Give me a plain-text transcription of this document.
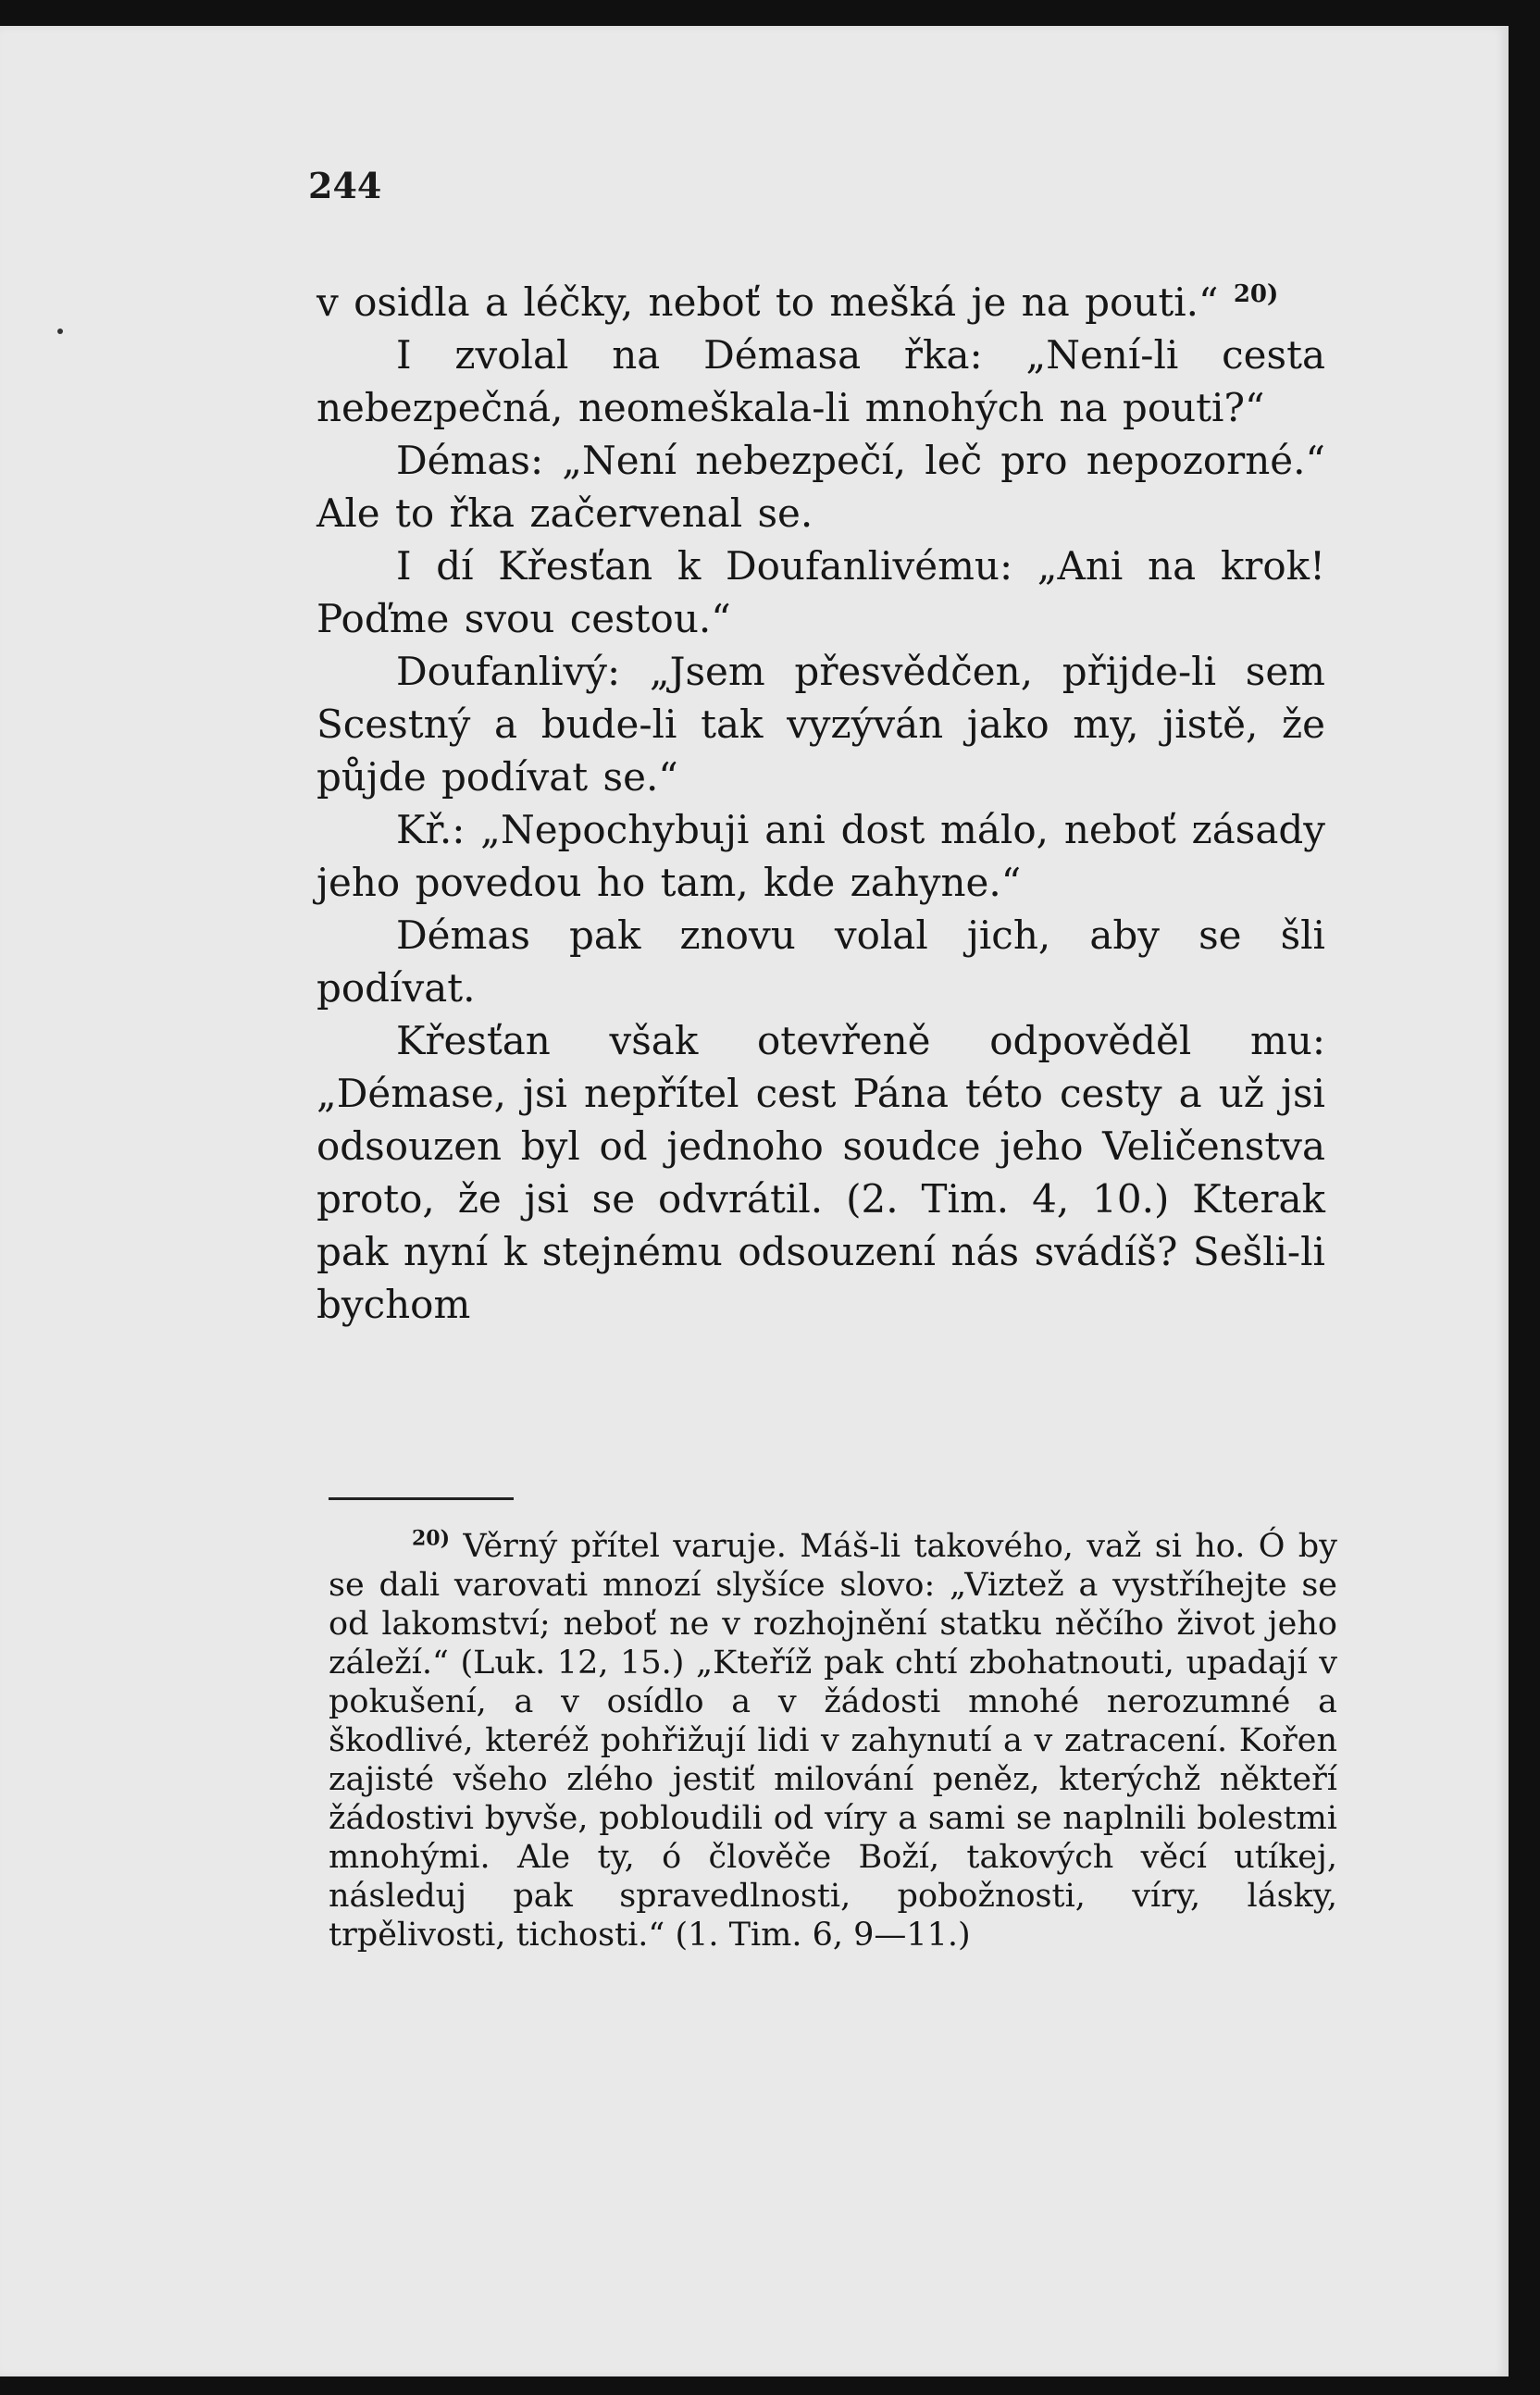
244

v osidla a léčky, neboť to mešká je na pouti.“ $^{20)}$

I zvolal na Démasa řka: „Není-li cesta nebezpečná, neomeškala-li mnohých na pouti?“

Démas: „Není nebezpečí, leč pro nepozorné.“ Ale to řka začervenal se.

I dí Křesťan k Doufanlivému: „Ani na krok! Poďme svou cestou.“

Doufanlivý: „Jsem přesvědčen, přijde-li sem Scestný a bude-li tak vyzýván jako my, jistě, že půjde podívat se.“

Kř.: „Nepochybuji ani dost málo, neboť zásady jeho povedou ho tam, kde zahyne.“

Démas pak znovu volal jich, aby se šli podívat.

Křesťan však otevřeně odpověděl mu: „Démase, jsi nepřítel cest Pána této cesty a už jsi odsouzen byl od jednoho soudce jeho Veličenstva proto, že jsi se odvrátil. (2. Tim. 4, 10.) Kterak pak nyní k stejnému odsouzení nás svádíš? Sešli-li bychom

$^{20)}$ Věrný přítel varuje. Máš-li takového, važ si ho. Ó by se dali varovati mnozí slyšíce slovo: „Viztež a vystříhejte se od lakomství; neboť ne v rozhojnění statku něčího život jeho záleží.“ (Luk. 12, 15.) „Kteříž pak chtí zbohatnouti, upadají v pokušení, a v osídlo a v žádosti mnohé nerozumné a škodlivé, kteréž pohřižují lidi v zahynutí a v zatracení. Kořen zajisté všeho zlého jestiť milování peněz, kterýchž někteří žádostivi byvše, pobloudili od víry a sami se naplnili bolestmi mnohými. Ale ty, ó člověče Boží, takových věcí utíkej, následuj pak spravedlnosti, pobožnosti, víry, lásky, trpělivosti, tichosti.“ (1. Tim. 6, 9—11.)
